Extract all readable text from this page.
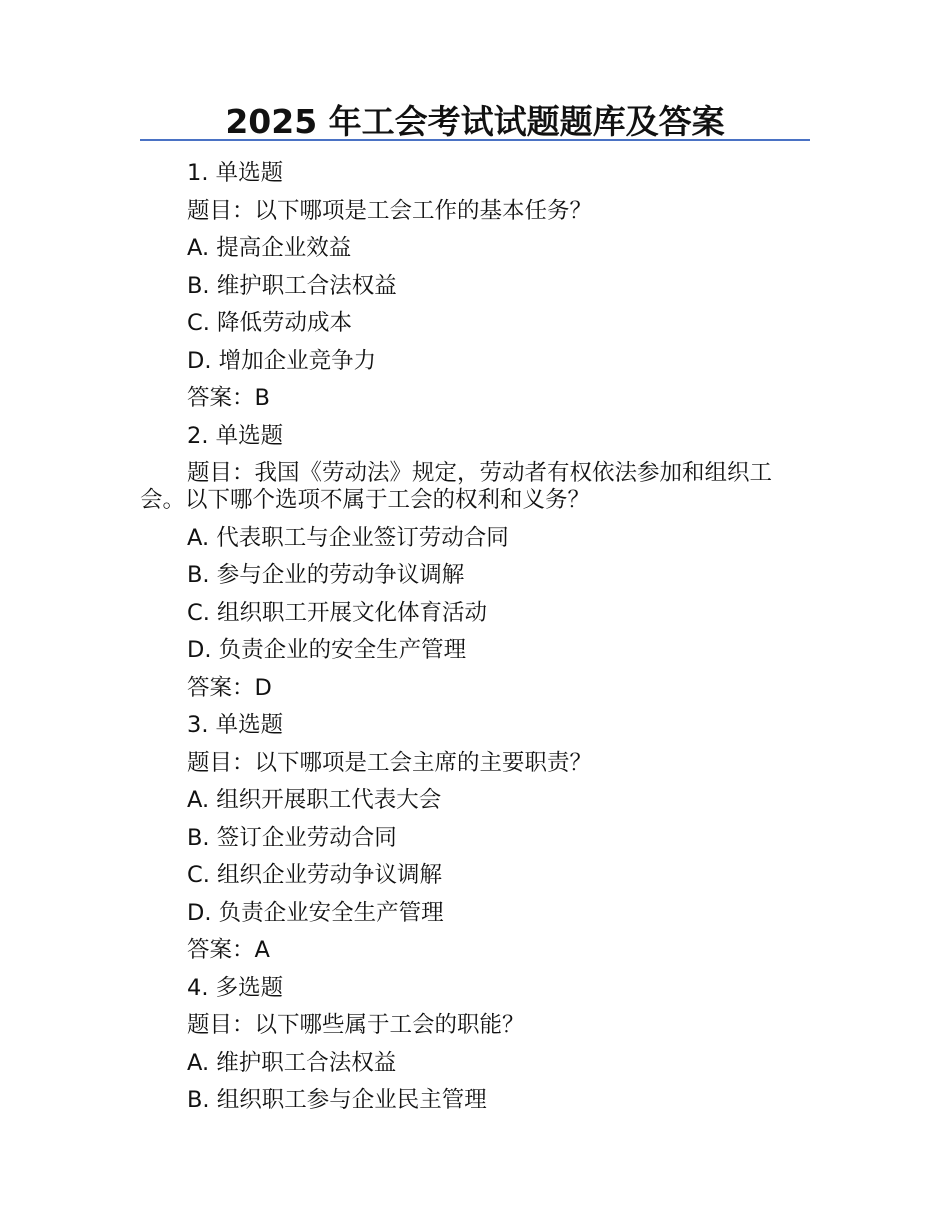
2025 年工会考试试题题库及答案
1. 单选题
题目：以下哪项是工会工作的基本任务？
A. 提高企业效益
B. 维护职工合法权益
C. 降低劳动成本
D. 增加企业竞争力
答案：B
2. 单选题
题目：我国《劳动法》规定，劳动者有权依法参加和组织工会。以下哪个选项不属于工会的权利和义务？
A. 代表职工与企业签订劳动合同
B. 参与企业的劳动争议调解
C. 组织职工开展文化体育活动
D. 负责企业的安全生产管理
答案：D
3. 单选题
题目：以下哪项是工会主席的主要职责？
A. 组织开展职工代表大会
B. 签订企业劳动合同
C. 组织企业劳动争议调解
D. 负责企业安全生产管理
答案：A
4. 多选题
题目：以下哪些属于工会的职能？
A. 维护职工合法权益
B. 组织职工参与企业民主管理
